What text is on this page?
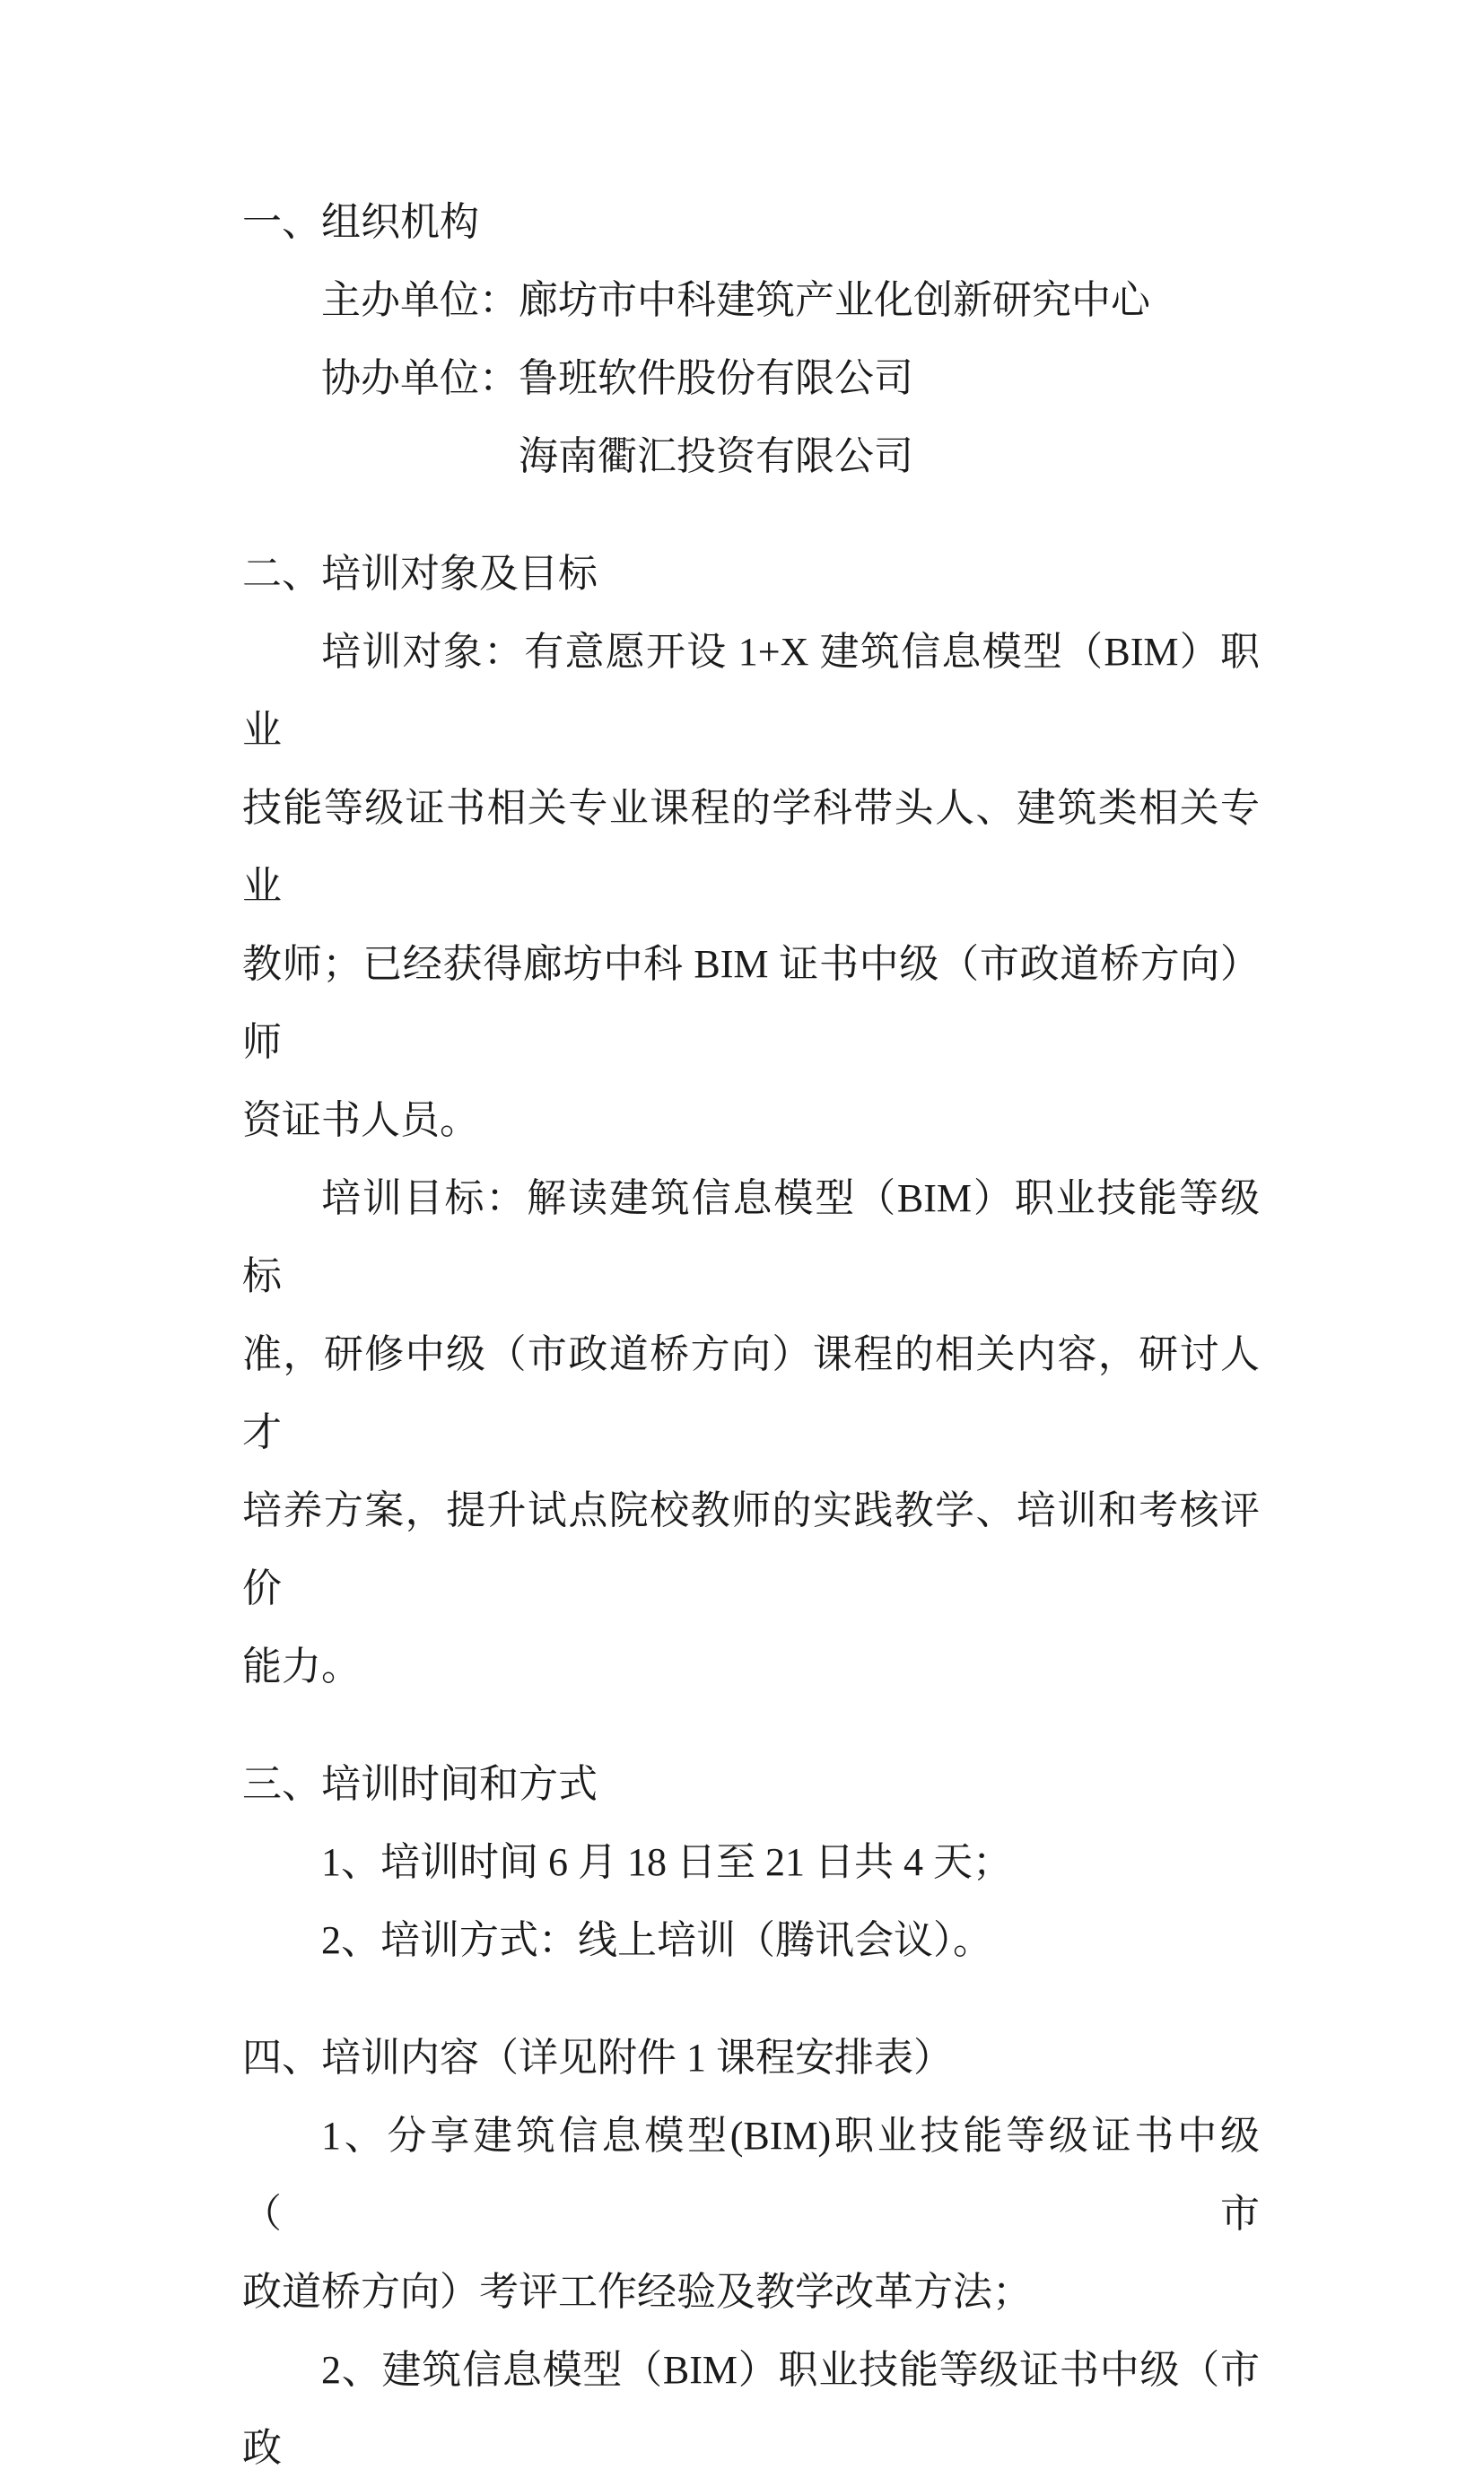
一、组织机构
主办单位：廊坊市中科建筑产业化创新研究中心
协办单位：鲁班软件股份有限公司
海南衢汇投资有限公司
二、培训对象及目标
培训对象：有意愿开设 1+X 建筑信息模型（BIM）职业
技能等级证书相关专业课程的学科带头人、建筑类相关专业
教师；已经获得廊坊中科 BIM 证书中级（市政道桥方向）师
资证书人员。
培训目标：解读建筑信息模型（BIM）职业技能等级标
准，研修中级（市政道桥方向）课程的相关内容，研讨人才
培养方案，提升试点院校教师的实践教学、培训和考核评价
能力。
三、培训时间和方式
1、培训时间 6 月 18 日至 21 日共 4 天；
2、培训方式：线上培训（腾讯会议）。
四、培训内容（详见附件 1 课程安排表）
1、分享建筑信息模型(BIM)职业技能等级证书中级（市
政道桥方向）考评工作经验及教学改革方法；
2、建筑信息模型（BIM）职业技能等级证书中级（市政
